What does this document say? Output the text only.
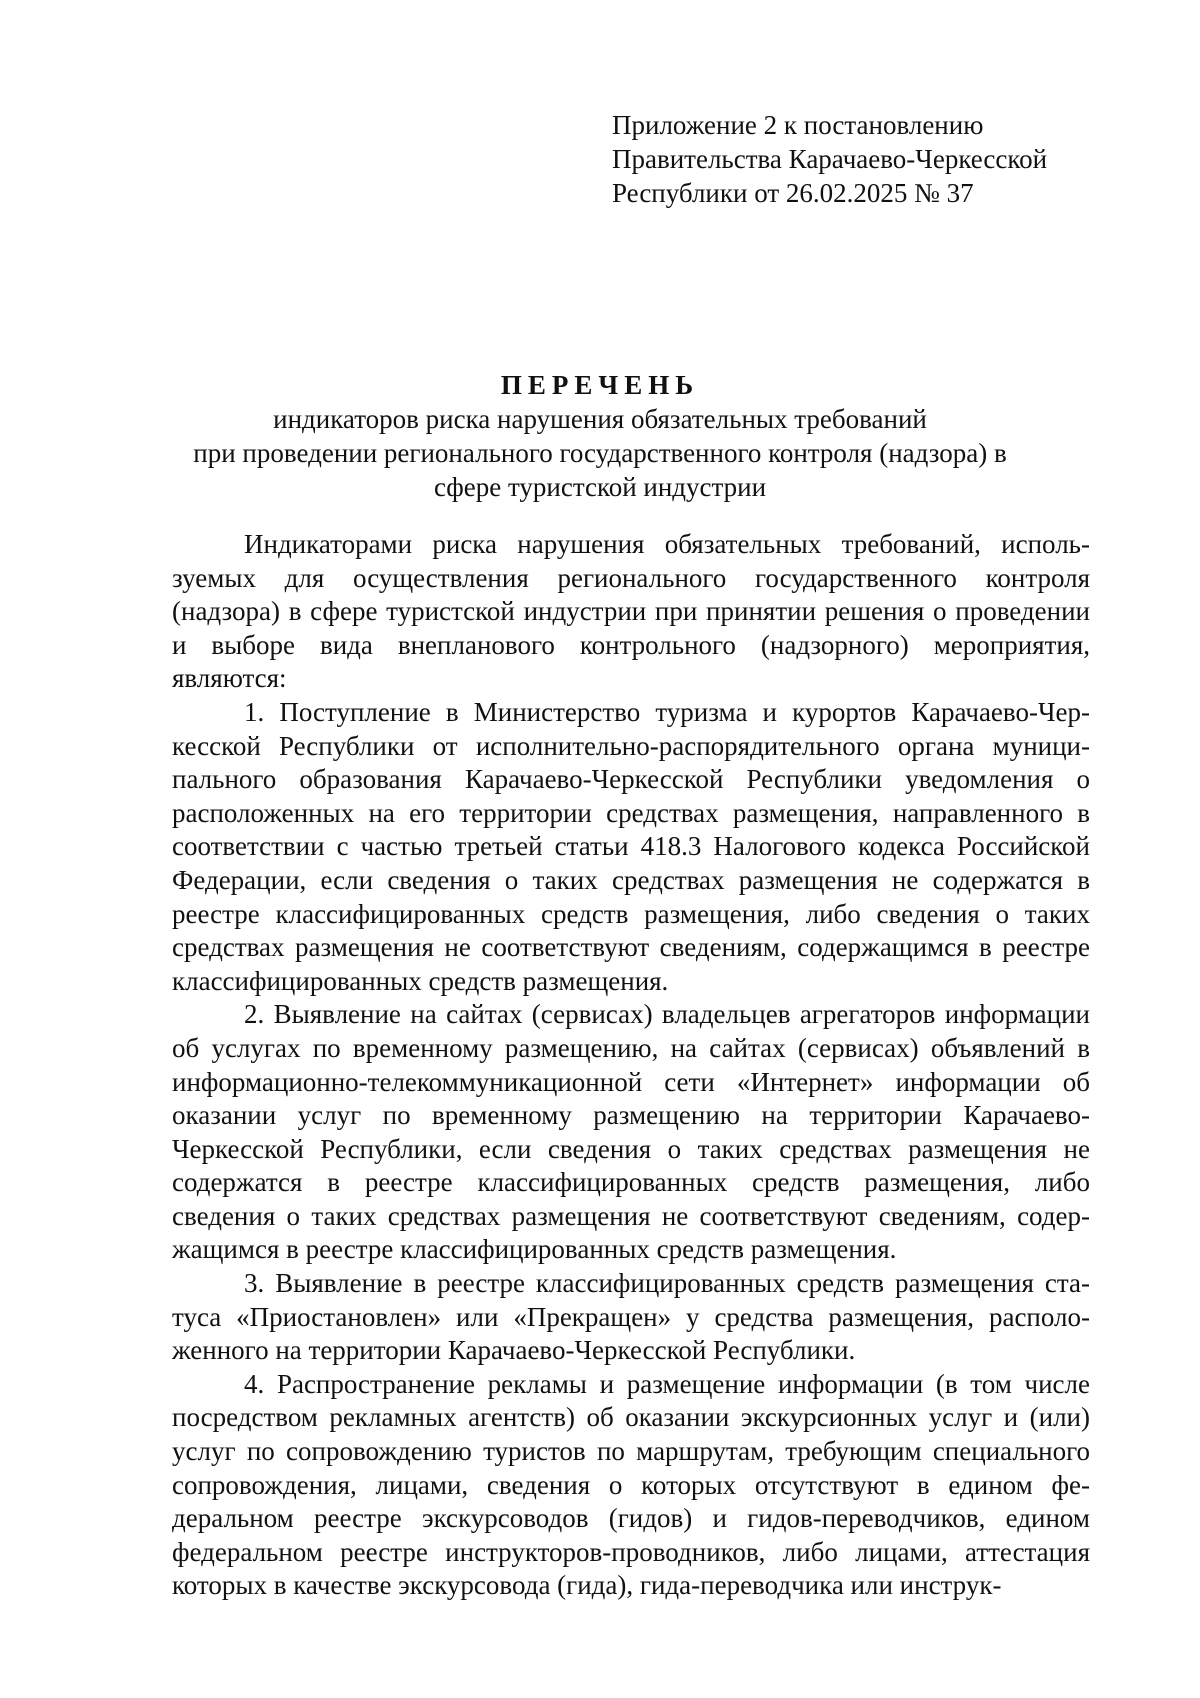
Приложение 2 к постановлению
Правительства Карачаево-Черкесской
Республики от 26.02.2025 № 37
ПЕРЕЧЕНЬ
индикаторов риска нарушения обязательных требований
при проведении регионального государственного контроля (надзора) в
сфере туристской индустрии

Индикаторами риска нарушения обязательных требований, используемых для осуществления регионального государственного контроля (надзора) в сфере туристской индустрии при принятии решения о проведении и выборе вида внепланового контрольного (надзорного) мероприятия, являются:

1. Поступление в Министерство туризма и курортов Карачаево-Черкесской Республики от исполнительно-распорядительного органа муниципального образования Карачаево-Черкесской Республики уведомления о расположенных на его территории средствах размещения, направленного в соответствии с частью третьей статьи 418.3 Налогового кодекса Российской Федерации, если сведения о таких средствах размещения не содержатся в реестре классифицированных средств размещения, либо сведения о таких средствах размещения не соответствуют сведениям, содержащимся в реестре классифицированных средств размещения.

2. Выявление на сайтах (сервисах) владельцев агрегаторов информации об услугах по временному размещению, на сайтах (сервисах) объявлений в информационно-телекоммуникационной сети «Интернет» информации об оказании услуг по временному размещению на территории Карачаево-Черкесской Республики, если сведения о таких средствах размещения не содержатся в реестре классифицированных средств размещения, либо сведения о таких средствах размещения не соответствуют сведениям, содержащимся в реестре классифицированных средств размещения.

3. Выявление в реестре классифицированных средств размещения статуса «Приостановлен» или «Прекращен» у средства размещения, расположенного на территории Карачаево-Черкесской Республики.

4. Распространение рекламы и размещение информации (в том числе посредством рекламных агентств) об оказании экскурсионных услуг и (или) услуг по сопровождению туристов по маршрутам, требующим специального сопровождения, лицами, сведения о которых отсутствуют в едином федеральном реестре экскурсоводов (гидов) и гидов-переводчиков, едином федеральном реестре инструкторов-проводников, либо лицами, аттестация которых в качестве экскурсовода (гида), гида-переводчика или инструк-
